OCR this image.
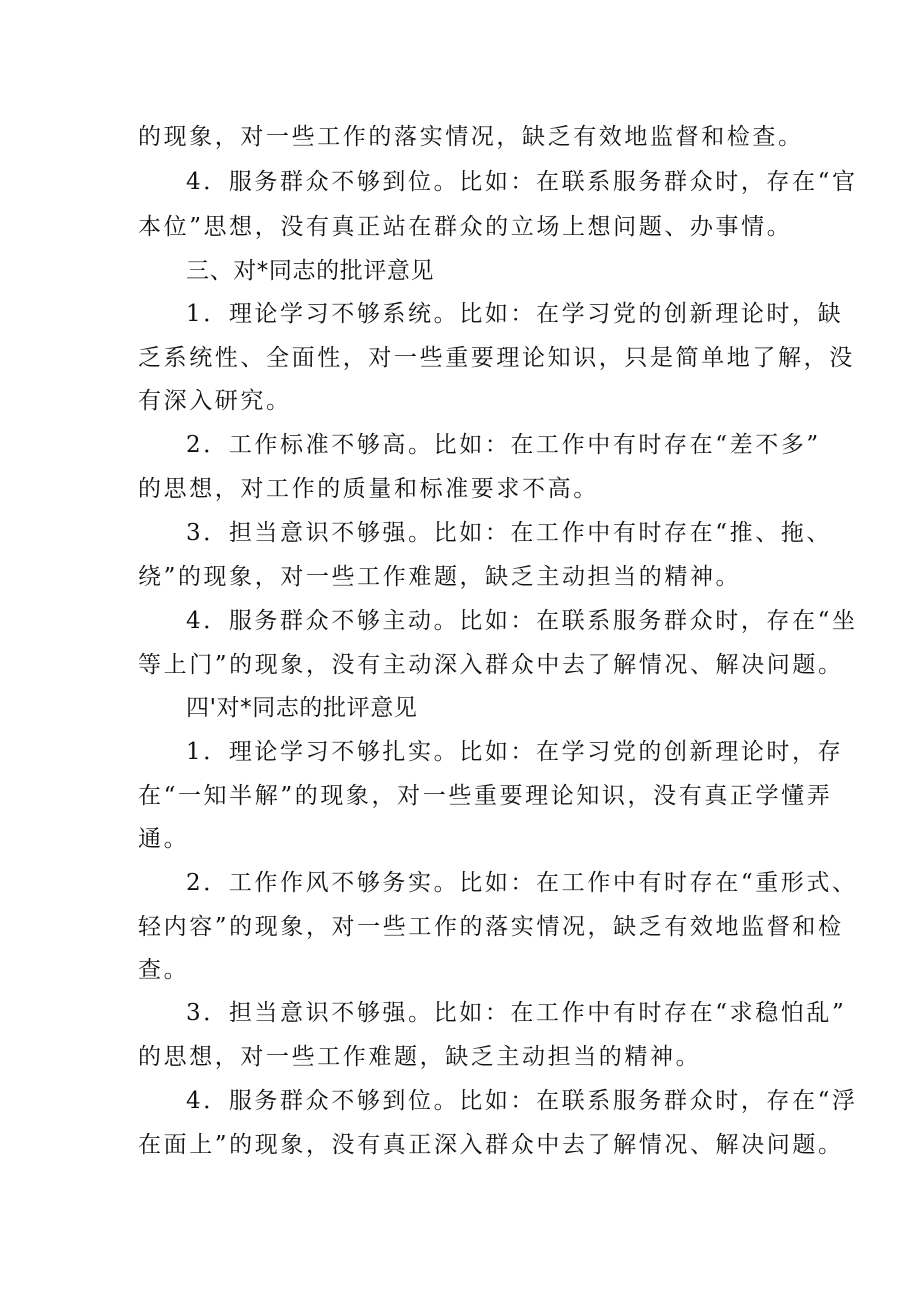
的现象，对一些工作的落实情况，缺乏有效地监督和检查。
4．服务群众不够到位。比如：在联系服务群众时，存在“官
本位”思想，没有真正站在群众的立场上想问题、办事情。
三、对*同志的批评意见
1．理论学习不够系统。比如：在学习党的创新理论时，缺
乏系统性、全面性，对一些重要理论知识，只是简单地了解，没
有深入研究。
2．工作标准不够高。比如：在工作中有时存在“差不多”
的思想，对工作的质量和标准要求不高。
3．担当意识不够强。比如：在工作中有时存在“推、拖、
绕”的现象，对一些工作难题，缺乏主动担当的精神。
4．服务群众不够主动。比如：在联系服务群众时，存在“坐
等上门”的现象，没有主动深入群众中去了解情况、解决问题。
四'对*同志的批评意见
1．理论学习不够扎实。比如：在学习党的创新理论时，存
在“一知半解”的现象，对一些重要理论知识，没有真正学懂弄
通。
2．工作作风不够务实。比如：在工作中有时存在“重形式、
轻内容”的现象，对一些工作的落实情况，缺乏有效地监督和检
查。
3．担当意识不够强。比如：在工作中有时存在“求稳怕乱”
的思想，对一些工作难题，缺乏主动担当的精神。
4．服务群众不够到位。比如：在联系服务群众时，存在“浮
在面上”的现象，没有真正深入群众中去了解情况、解决问题。
